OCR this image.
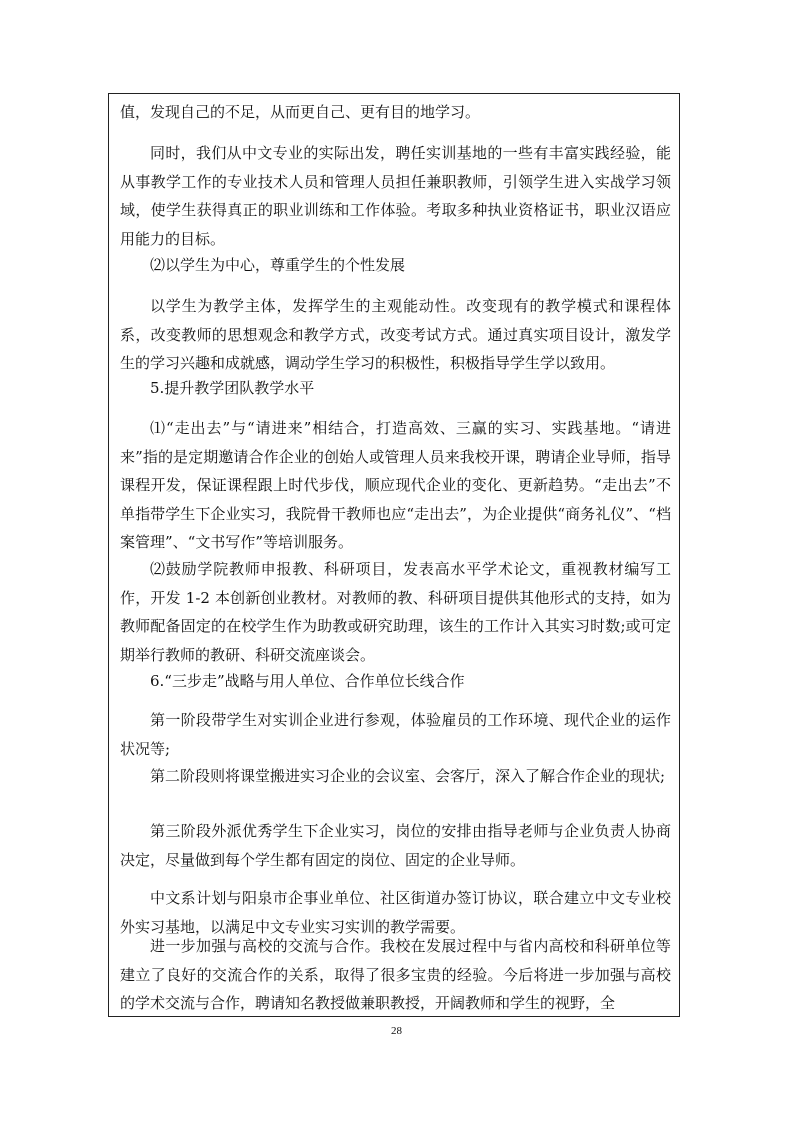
值，发现自己的不足，从而更自己、更有目的地学习。

同时，我们从中文专业的实际出发，聘任实训基地的一些有丰富实践经验，能从事教学工作的专业技术人员和管理人员担任兼职教师，引领学生进入实战学习领域，使学生获得真正的职业训练和工作体验。考取多种执业资格证书，职业汉语应用能力的目标。

⑵以学生为中心，尊重学生的个性发展

以学生为教学主体，发挥学生的主观能动性。改变现有的教学模式和课程体系，改变教师的思想观念和教学方式，改变考试方式。通过真实项目设计，激发学生的学习兴趣和成就感，调动学生学习的积极性，积极指导学生学以致用。

5.提升教学团队教学水平

⑴“走出去”与“请进来”相结合，打造高效、三赢的实习、实践基地。“请进来”指的是定期邀请合作企业的创始人或管理人员来我校开课，聘请企业导师，指导课程开发，保证课程跟上时代步伐，顺应现代企业的变化、更新趋势。“走出去”不单指带学生下企业实习，我院骨干教师也应“走出去”，为企业提供“商务礼仪”、“档案管理”、“文书写作”等培训服务。

⑵鼓励学院教师申报教、科研项目，发表高水平学术论文，重视教材编写工作，开发 1-2 本创新创业教材。对教师的教、科研项目提供其他形式的支持，如为教师配备固定的在校学生作为助教或研究助理，该生的工作计入其实习时数;或可定期举行教师的教研、科研交流座谈会。

6.“三步走”战略与用人单位、合作单位长线合作

第一阶段带学生对实训企业进行参观，体验雇员的工作环境、现代企业的运作状况等;

第二阶段则将课堂搬进实习企业的会议室、会客厅，深入了解合作企业的现状;

第三阶段外派优秀学生下企业实习，岗位的安排由指导老师与企业负责人协商决定，尽量做到每个学生都有固定的岗位、固定的企业导师。

中文系计划与阳泉市企事业单位、社区街道办签订协议，联合建立中文专业校外实习基地，以满足中文专业实习实训的教学需要。

进一步加强与高校的交流与合作。我校在发展过程中与省内高校和科研单位等建立了良好的交流合作的关系，取得了很多宝贵的经验。今后将进一步加强与高校的学术交流与合作，聘请知名教授做兼职教授，开阔教师和学生的视野，全

28
